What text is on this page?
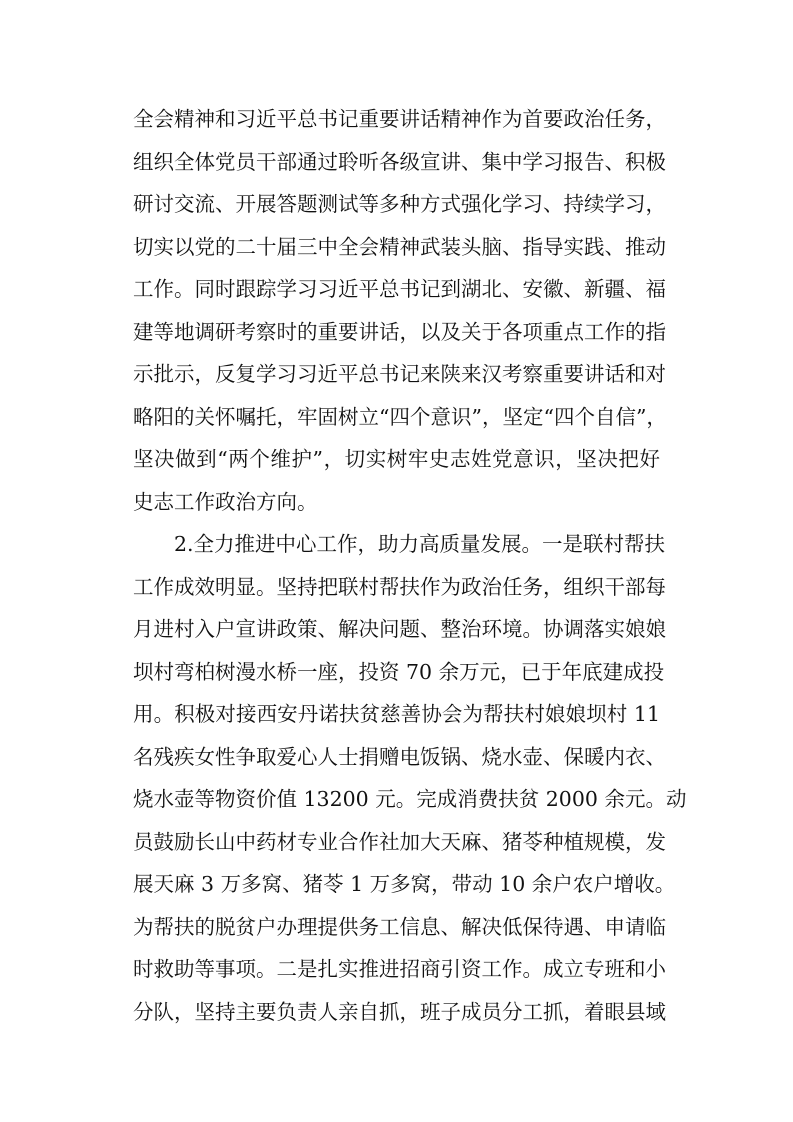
全会精神和习近平总书记重要讲话精神作为首要政治任务，
组织全体党员干部通过聆听各级宣讲、集中学习报告、积极
研讨交流、开展答题测试等多种方式强化学习、持续学习，
切实以党的二十届三中全会精神武装头脑、指导实践、推动
工作。同时跟踪学习习近平总书记到湖北、安徽、新疆、福
建等地调研考察时的重要讲话，以及关于各项重点工作的指
示批示，反复学习习近平总书记来陕来汉考察重要讲话和对
略阳的关怀嘱托，牢固树立“四个意识”，坚定“四个自信”，
坚决做到“两个维护”，切实树牢史志姓党意识，坚决把好
史志工作政治方向。
2.全力推进中心工作，助力高质量发展。一是联村帮扶
工作成效明显。坚持把联村帮扶作为政治任务，组织干部每
月进村入户宣讲政策、解决问题、整治环境。协调落实娘娘
坝村弯柏树漫水桥一座，投资 70 余万元，已于年底建成投
用。积极对接西安丹诺扶贫慈善协会为帮扶村娘娘坝村 11
名残疾女性争取爱心人士捐赠电饭锅、烧水壶、保暖内衣、
烧水壶等物资价值 13200 元。完成消费扶贫 2000 余元。动
员鼓励长山中药材专业合作社加大天麻、猪苓种植规模，发
展天麻 3 万多窝、猪苓 1 万多窝，带动 10 余户农户增收。
为帮扶的脱贫户办理提供务工信息、解决低保待遇、申请临
时救助等事项。二是扎实推进招商引资工作。成立专班和小
分队，坚持主要负责人亲自抓，班子成员分工抓，着眼县域
